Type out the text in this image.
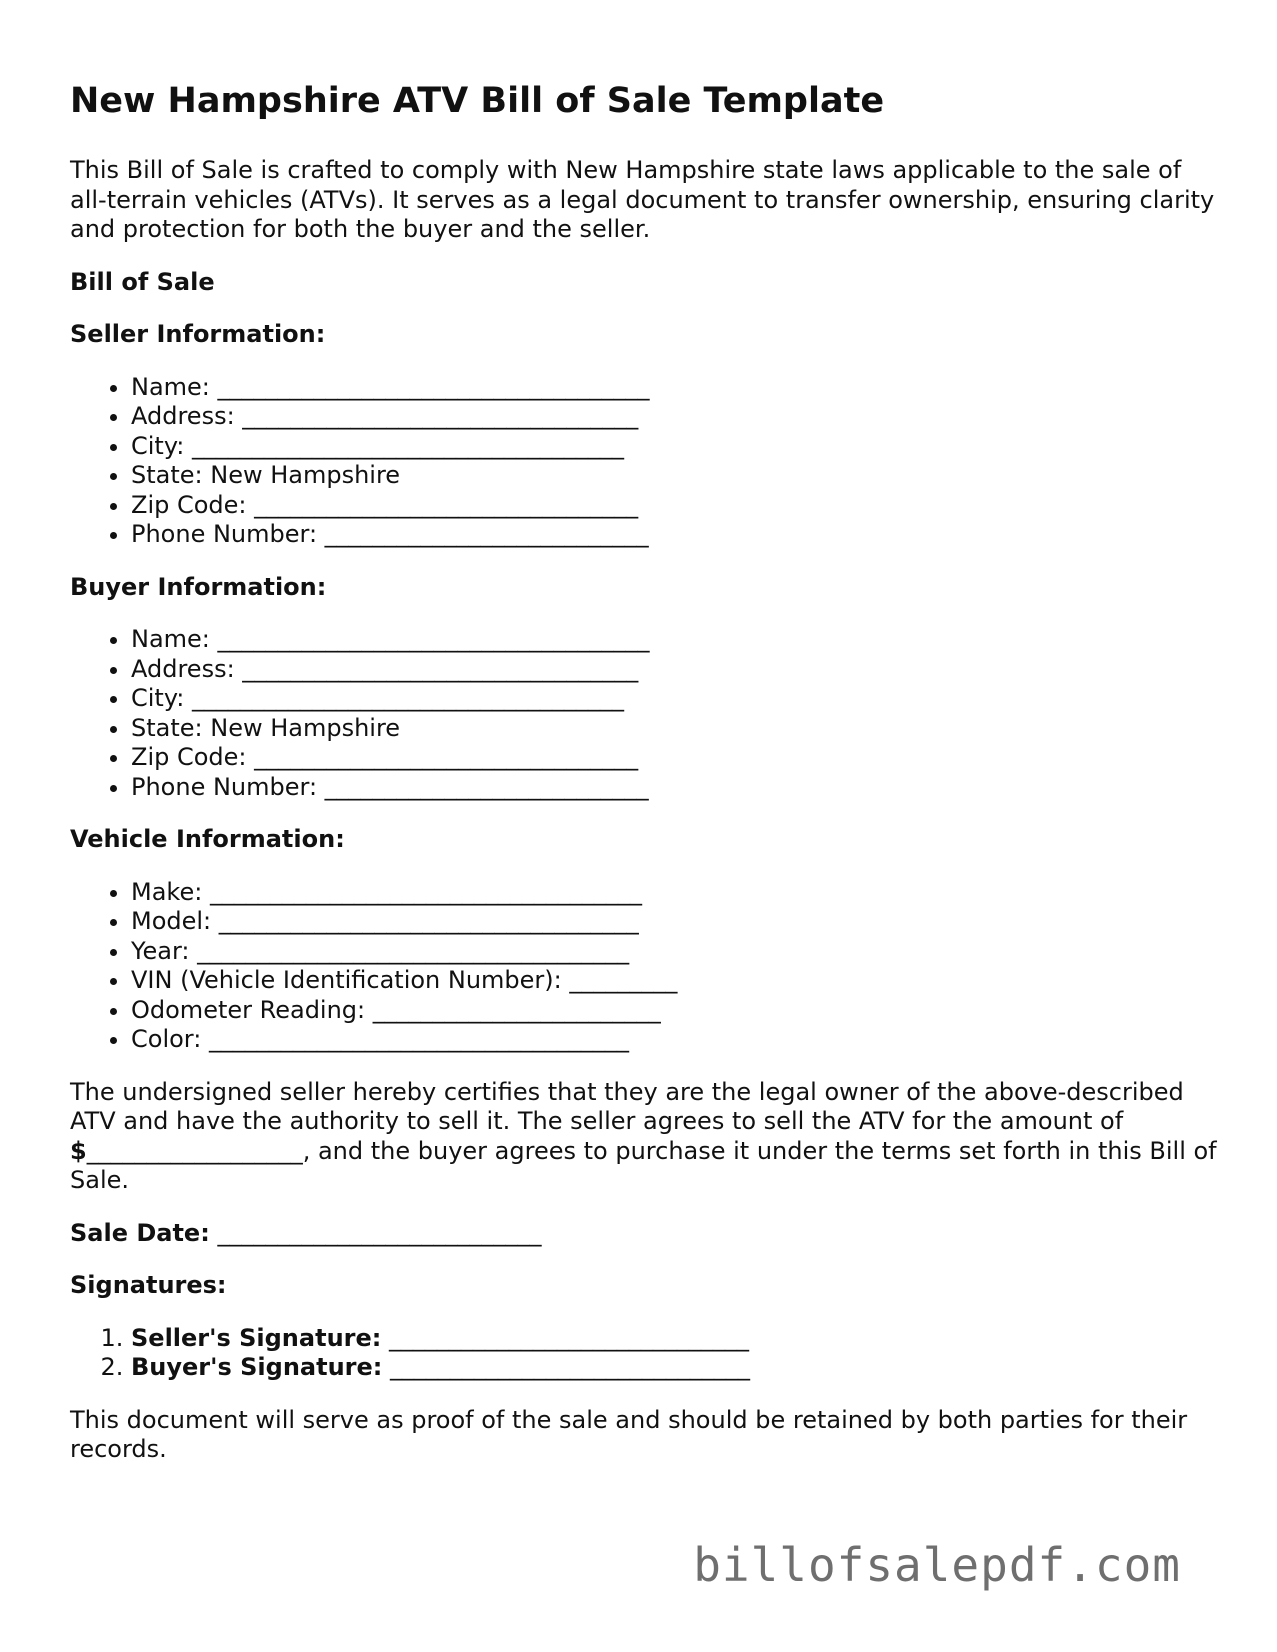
New Hampshire ATV Bill of Sale Template

This Bill of Sale is crafted to comply with New Hampshire state laws applicable to the sale of all-terrain vehicles (ATVs). It serves as a legal document to transfer ownership, ensuring clarity and protection for both the buyer and the seller.

Bill of Sale
Seller Information:
• Name: ____________________________________
• Address: _________________________________
• City: ____________________________________
• State: New Hampshire
• Zip Code: ________________________________
• Phone Number: ___________________________
Buyer Information:
• Name: ____________________________________
• Address: _________________________________
• City: ____________________________________
• State: New Hampshire
• Zip Code: ________________________________
• Phone Number: ___________________________
Vehicle Information:
• Make: ____________________________________
• Model: ___________________________________
• Year: ____________________________________
• VIN (Vehicle Identification Number): _________
• Odometer Reading: ________________________
• Color: ___________________________________

The undersigned seller hereby certifies that they are the legal owner of the above-described ATV and have the authority to sell it. The seller agrees to sell the ATV for the amount of $__________________, and the buyer agrees to purchase it under the terms set forth in this Bill of Sale.

Sale Date: ___________________________

Signatures:
1. Seller's Signature: ______________________________
2. Buyer's Signature: ______________________________

This document will serve as proof of the sale and should be retained by both parties for their records.

billofsalepdf.com
